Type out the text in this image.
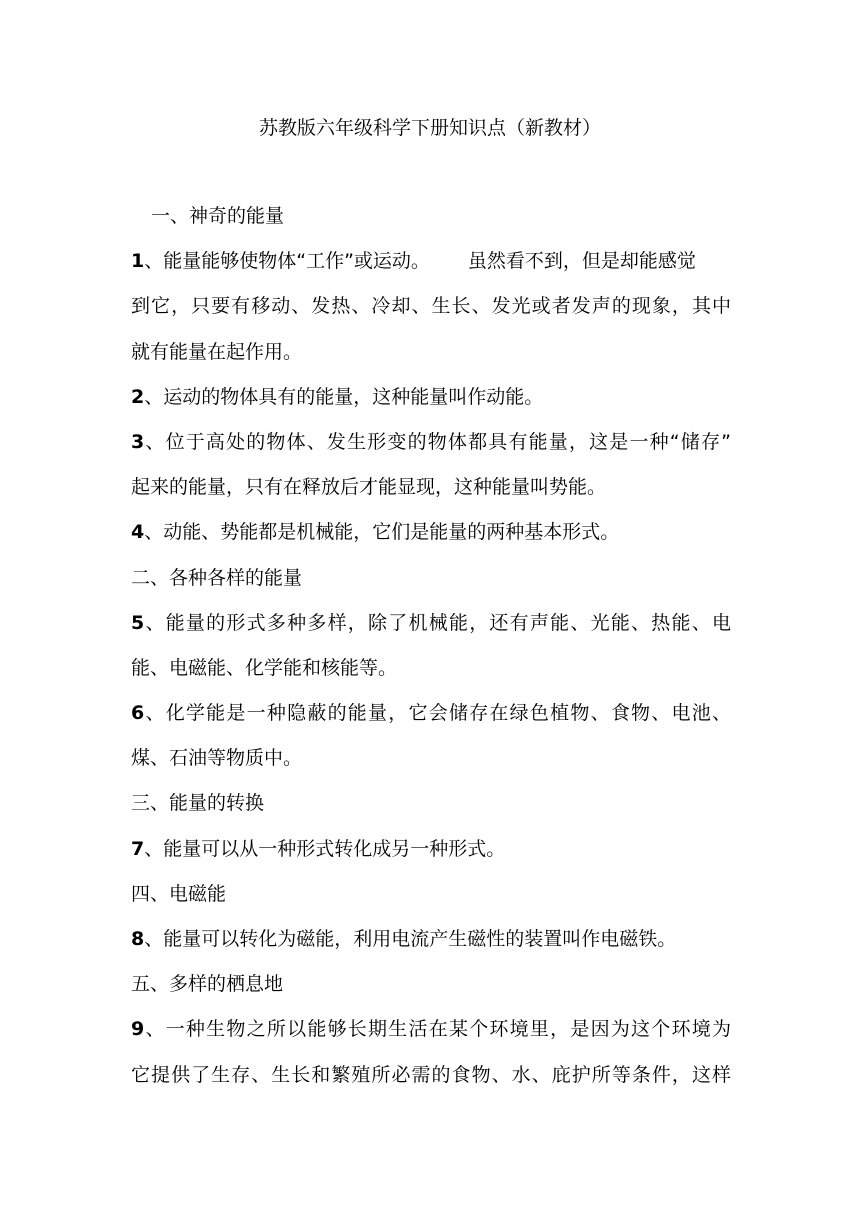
苏教版六年级科学下册知识点（新教材）
一、神奇的能量
1、能量能够使物体“工作”或运动。 虽然看不到，但是却能感觉
到它，只要有移动、发热、冷却、生长、发光或者发声的现象，其中
就有能量在起作用。
2、运动的物体具有的能量，这种能量叫作动能。
3、位于高处的物体、发生形变的物体都具有能量，这是一种“储存”
起来的能量，只有在释放后才能显现，这种能量叫势能。
4、动能、势能都是机械能，它们是能量的两种基本形式。
二、各种各样的能量
5、能量的形式多种多样，除了机械能，还有声能、光能、热能、电
能、电磁能、化学能和核能等。
6、化学能是一种隐蔽的能量，它会储存在绿色植物、食物、电池、
煤、石油等物质中。
三、能量的转换
7、能量可以从一种形式转化成另一种形式。
四、电磁能
8、能量可以转化为磁能，利用电流产生磁性的装置叫作电磁铁。
五、多样的栖息地
9、一种生物之所以能够长期生活在某个环境里，是因为这个环境为
它提供了生存、生长和繁殖所必需的食物、水、庇护所等条件，这样
